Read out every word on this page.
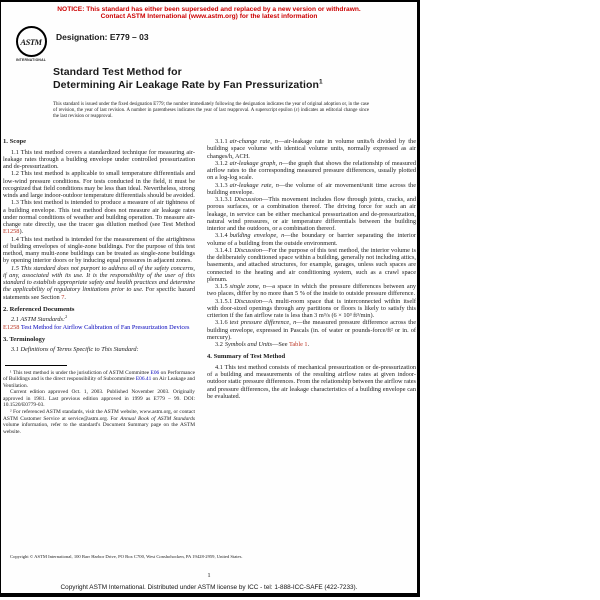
NOTICE: This standard has either been superseded and replaced by a new version or withdrawn.
Contact ASTM International (www.astm.org) for the latest information
ASTM
INTERNATIONAL
Designation: E779 – 03
Standard Test Method for
Determining Air Leakage Rate by Fan Pressurization$^1$
This standard is issued under the fixed designation E779; the number immediately following the designation indicates the year of original adoption or, in the case of revision, the year of last revision. A number in parentheses indicates the year of last reapproval. A superscript epsilon (ε) indicates an editorial change since the last revision or reapproval.
1. Scope

1.1 This test method covers a standardized technique for measuring air-leakage rates through a building envelope under controlled pressurization and de-pressurization.

1.2 This test method is applicable to small temperature differentials and low-wind pressure conditions. For tests conducted in the field, it must be recognized that field conditions may be less than ideal. Nevertheless, strong winds and large indoor-outdoor temperature differentials should be avoided.

1.3 This test method is intended to produce a measure of air tightness of a building envelope. This test method does not measure air leakage rates under normal conditions of weather and building operation. To measure air-change rate directly, use the tracer gas dilution method (see Test Method E1258).

1.4 This test method is intended for the measurement of the airtightness of building envelopes of single-zone buildings. For the purpose of this test method, many multi-zone buildings can be treated as single-zone buildings by opening interior doors or by inducing equal pressures in adjacent zones.

1.5 This standard does not purport to address all of the safety concerns, if any, associated with its use. It is the responsibility of the user of this standard to establish appropriate safety and health practices and determine the applicability of regulatory limitations prior to use. For specific hazard statements see Section 7.

2. Referenced Documents

2.1 ASTM Standards:$^2$

E1258 Test Method for Airflow Calibration of Fan Pressurization Devices

3. Terminology

3.1 Definitions of Terms Specific to This Standard:

¹ This test method is under the jurisdiction of ASTM Committee E06 on Performance of Buildings and is the direct responsibility of Subcommittee E06.41 on Air Leakage and Ventilation.

Current edition approved Oct. 1, 2003. Published November 2003. Originally approved in 1981. Last previous edition approved in 1999 as E779 – 99. DOI: 10.1520/E0779-03.

² For referenced ASTM standards, visit the ASTM website, www.astm.org, or contact ASTM Customer Service at service@astm.org. For Annual Book of ASTM Standards volume information, refer to the standard's Document Summary page on the ASTM website.

3.1.1 air-change rate, n—air-leakage rate in volume units/h divided by the building space volume with identical volume units, normally expressed as air changes/h, ACH.

3.1.2 air-leakage graph, n—the graph that shows the relationship of measured airflow rates to the corresponding measured pressure differences, usually plotted on a log-log scale.

3.1.3 air-leakage rate, n—the volume of air movement/unit time across the building envelope.

3.1.3.1 Discussion—This movement includes flow through joints, cracks, and porous surfaces, or a combination thereof. The driving force for such an air leakage, in service can be either mechanical pressurization and de-pressurization, natural wind pressures, or air temperature differentials between the building interior and the outdoors, or a combination thereof.

3.1.4 building envelope, n—the boundary or barrier separating the interior volume of a building from the outside environment.

3.1.4.1 Discussion—For the purpose of this test method, the interior volume is the deliberately conditioned space within a building, generally not including attics, basements, and attached structures, for example, garages, unless such spaces are connected to the heating and air conditioning system, such as a crawl space plenum.

3.1.5 single zone, n—a space in which the pressure differences between any two places, differ by no more than 5 % of the inside to outside pressure difference.

3.1.5.1 Discussion—A multi-room space that is interconnected within itself with door-sized openings through any partitions or floors is likely to satisfy this criterion if the fan airflow rate is less than 3 m³/s (6 × 10³ ft³/min).

3.1.6 test pressure difference, n—the measured pressure difference across the building envelope, expressed in Pascals (in. of water or pounds-force/ft² or in. of mercury).

3.2 Symbols and Units—See Table 1.

4. Summary of Test Method

4.1 This test method consists of mechanical pressurization or de-pressurization of a building and measurements of the resulting airflow rates at given indoor-outdoor static pressure differences. From the relationship between the airflow rates and pressure differences, the air leakage characteristics of a building envelope can be evaluated.

Copyright © ASTM International, 100 Barr Harbor Drive, PO Box C700, West Conshohocken, PA 19428-2959, United States.
1
Copyright ASTM International. Distributed under ASTM license by ICC - tel: 1-888-ICC-SAFE (422-7233).
